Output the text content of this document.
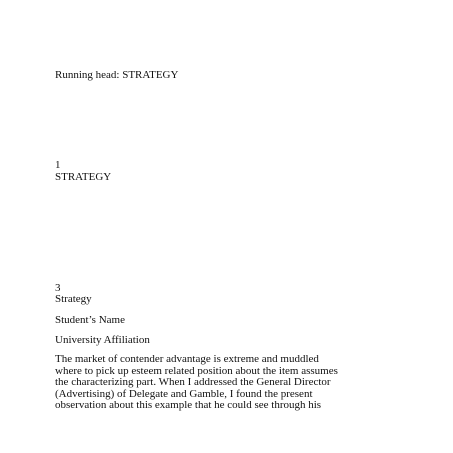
Running head: STRATEGY

1

STRATEGY

3

Strategy

Student’s Name

University Affiliation

The market of contender advantage is extreme and muddled
where to pick up esteem related position about the item assumes
the characterizing part. When I addressed the General Director
(Advertising) of Delegate and Gamble, I found the present
observation about this example that he could see through his
